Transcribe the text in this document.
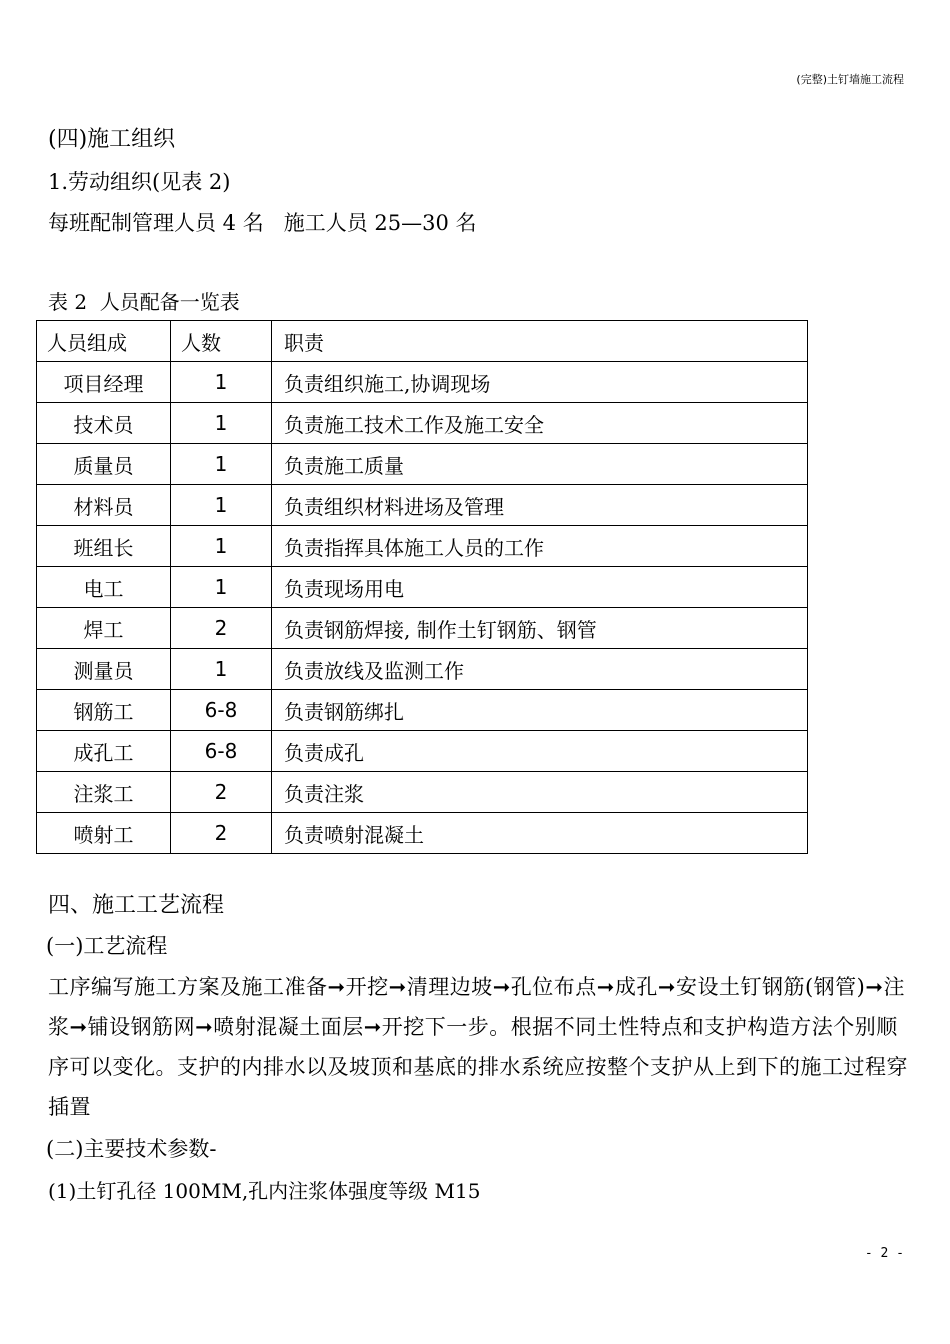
(完整)土钉墙施工流程
(四)施工组织
1.劳动组织(见表 2)
每班配制管理人员 4 名   施工人员 25—30 名
表 2  人员配备一览表
人员组成	人数	职责
项目经理	1	负责组织施工,协调现场
技术员	1	负责施工技术工作及施工安全
质量员	1	负责施工质量
材料员	1	负责组织材料进场及管理
班组长	1	负责指挥具体施工人员的工作
电工	1	负责现场用电
焊工	2	负责钢筋焊接, 制作土钉钢筋、钢管
测量员	1	负责放线及监测工作
钢筋工	6-8	负责钢筋绑扎
成孔工	6-8	负责成孔
注浆工	2	负责注浆
喷射工	2	负责喷射混凝土
四、施工工艺流程
(一)工艺流程
工序编写施工方案及施工准备➞开挖➞清理边坡➞孔位布点➞成孔➞安设土钉钢筋(钢管)➞注浆➞铺设钢筋网➞喷射混凝土面层➞开挖下一步。根据不同土性特点和支护构造方法个别顺序可以变化。支护的内排水以及坡顶和基底的排水系统应按整个支护从上到下的施工过程穿插置
(二)主要技术参数-
(1)土钉孔径 100MM,孔内注浆体强度等级 M15
- 2 -
